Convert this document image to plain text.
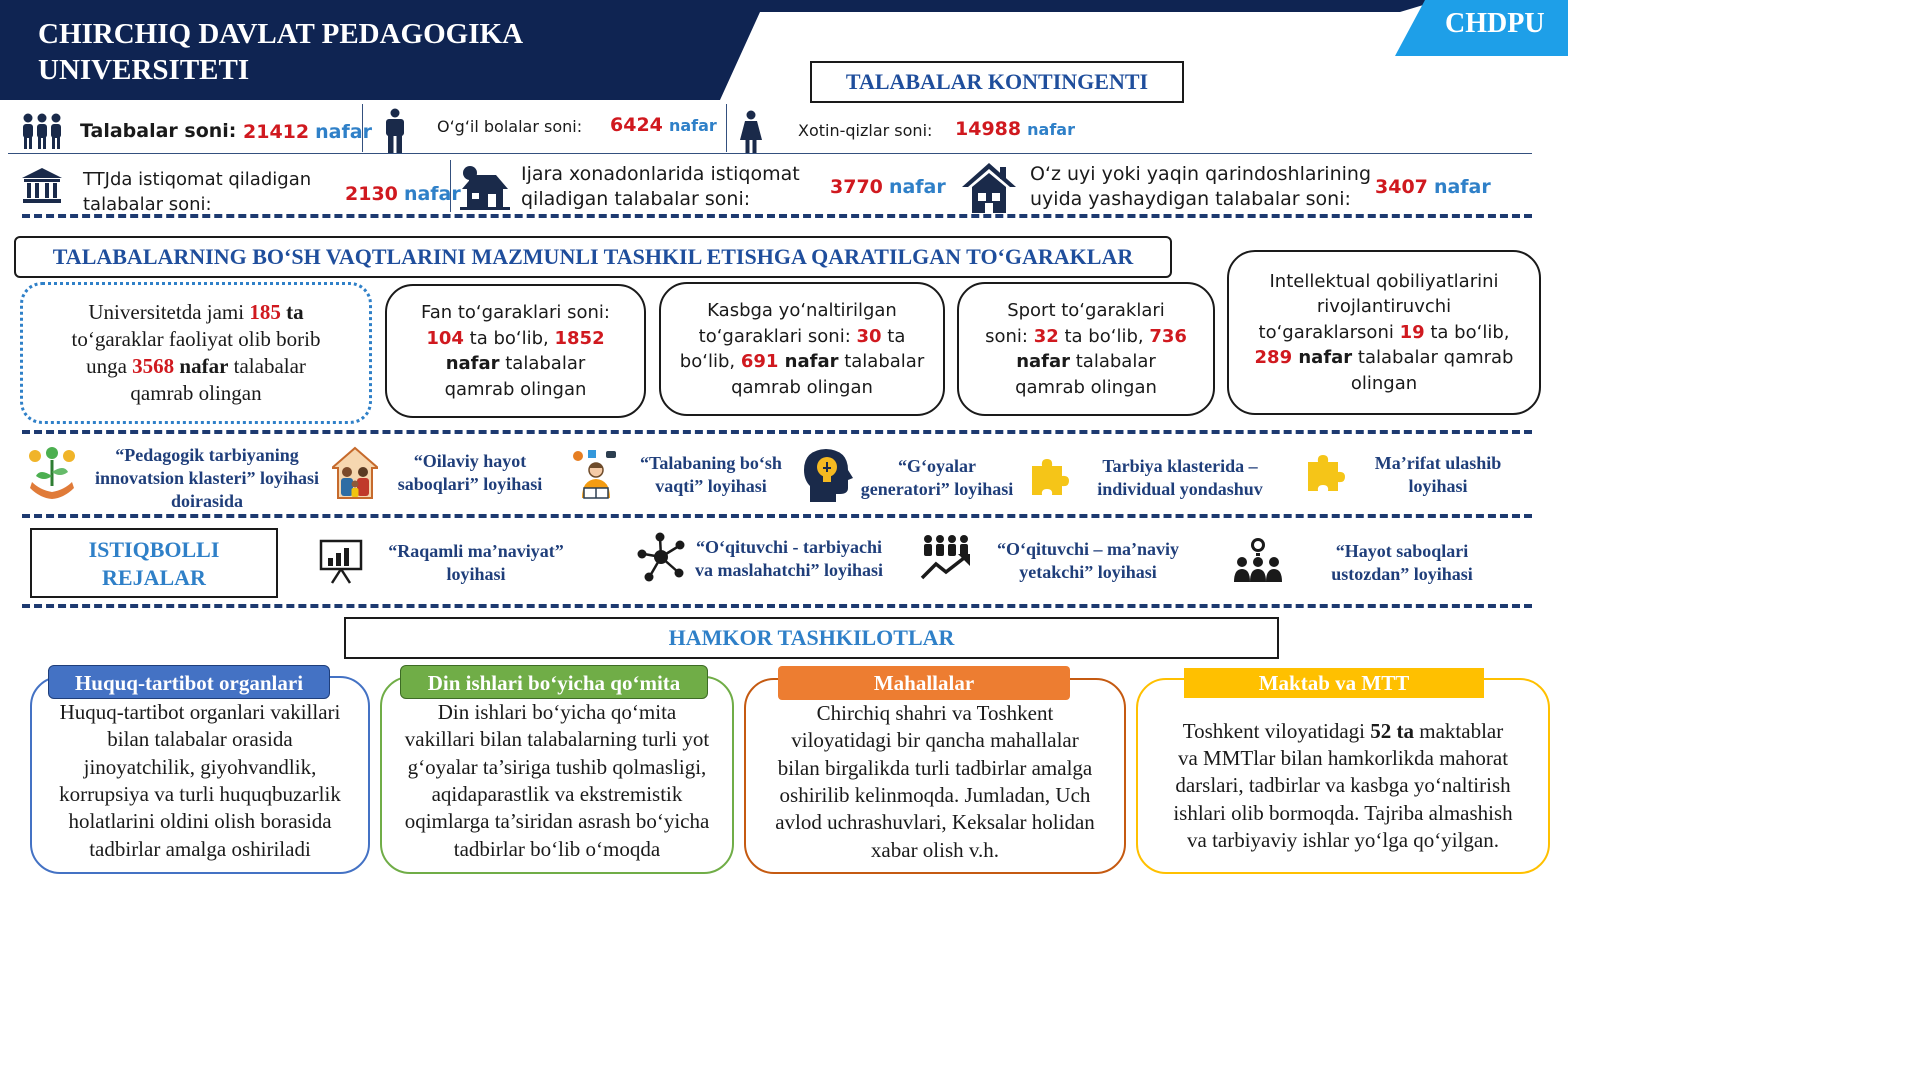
CHIRCHIQ DAVLAT PEDAGOGIKA
UNIVERSITETI
CHDPU
TALABALAR KONTINGENTI
Talabalar soni: 21412 nafar	O‘g‘il bolalar soni: 6424 nafar	Xotin-qizlar soni: 14988 nafar
TTJda istiqomat qiladigan
talabalar soni:	2130 nafar
Ijara xonadonlarida istiqomat
qiladigan talabalar soni:
3770 nafar
O‘z uyi yoki yaqin qarindoshlarining
uyida yashaydigan talabalar soni:
3407 nafar
TALABALARNING BO‘SH VAQTLARINI MAZMUNLI TASHKIL ETISHGA QARATILGAN TO‘GARAKLAR
Universitetda jami 185 ta
to‘garaklar faoliyat olib borib
unga 3568 nafar talabalar
qamrab olingan
Fan to‘garaklari soni:
104 ta bo‘lib, 1852
nafar talabalar
qamrab olingan
Kasbga yo‘naltirilgan
to‘garaklari soni: 30 ta
bo‘lib, 691 nafar talabalar
qamrab olingan
Sport to‘garaklari
soni: 32 ta bo‘lib, 736
nafar talabalar
qamrab olingan
Intellektual qobiliyatlarini
rivojlantiruvchi
to‘garaklarsoni 19 ta bo‘lib,
289 nafar talabalar qamrab
olingan
“Pedagogik tarbiyaning
innovatsion klasteri” loyihasi
doirasida
“Oilaviy hayot
saboqlari” loyihasi
“Talabaning bo‘sh
vaqti” loyihasi
“G‘oyalar
generatori” loyihasi
Tarbiya klasterida –
individual yondashuv
Ma’rifat ulashib
loyihasi
ISTIQBOLLI
REJALAR
“Raqamli ma’naviyat”
loyihasi
“O‘qituvchi - tarbiyachi
va maslahatchi” loyihasi
“O‘qituvchi – ma’naviy
yetakchi” loyihasi
“Hayot saboqlari
ustozdan” loyihasi
HAMKOR TASHKILOTLAR
Huquq-tartibot organlari vakillari
bilan talabalar orasida
jinoyatchilik, giyohvandlik,
korrupsiya va turli huquqbuzarlik
holatlarini oldini olish borasida
tadbirlar amalga oshiriladi
Huquq-tartibot organlari
Din ishlari bo‘yicha qo‘mita
vakillari bilan talabalarning turli yot
g‘oyalar ta’siriga tushib qolmasligi,
aqidaparastlik va ekstremistik
oqimlarga ta’siridan asrash bo‘yicha
tadbirlar bo‘lib o‘moqda
Din ishlari bo‘yicha qo‘mita
Chirchiq shahri va Toshkent
viloyatidagi bir qancha mahallalar
bilan birgalikda turli tadbirlar amalga
oshirilib kelinmoqda. Jumladan, Uch
avlod uchrashuvlari, Keksalar holidan
xabar olish v.h.
Mahallalar
Toshkent viloyatidagi 52 ta maktablar
va MMTlar bilan hamkorlikda mahorat
darslari, tadbirlar va kasbga yo‘naltirish
ishlari olib bormoqda. Tajriba almashish
va tarbiyaviy ishlar yo‘lga qo‘yilgan.
Maktab va MTT
